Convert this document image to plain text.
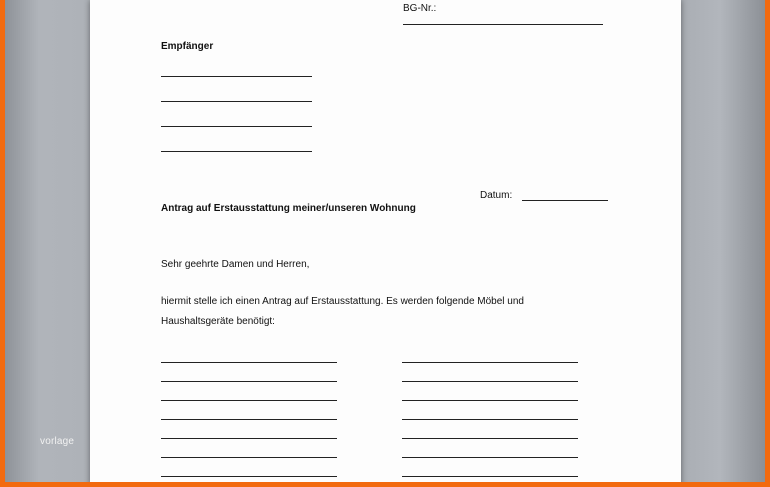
vorlage
BG-Nr.:
Empfänger
Datum:
Antrag auf Erstausstattung meiner/unseren Wohnung
Sehr geehrte Damen und Herren,
hiermit stelle ich einen Antrag auf Erstausstattung. Es werden folgende Möbel und
Haushaltsgeräte benötigt:
